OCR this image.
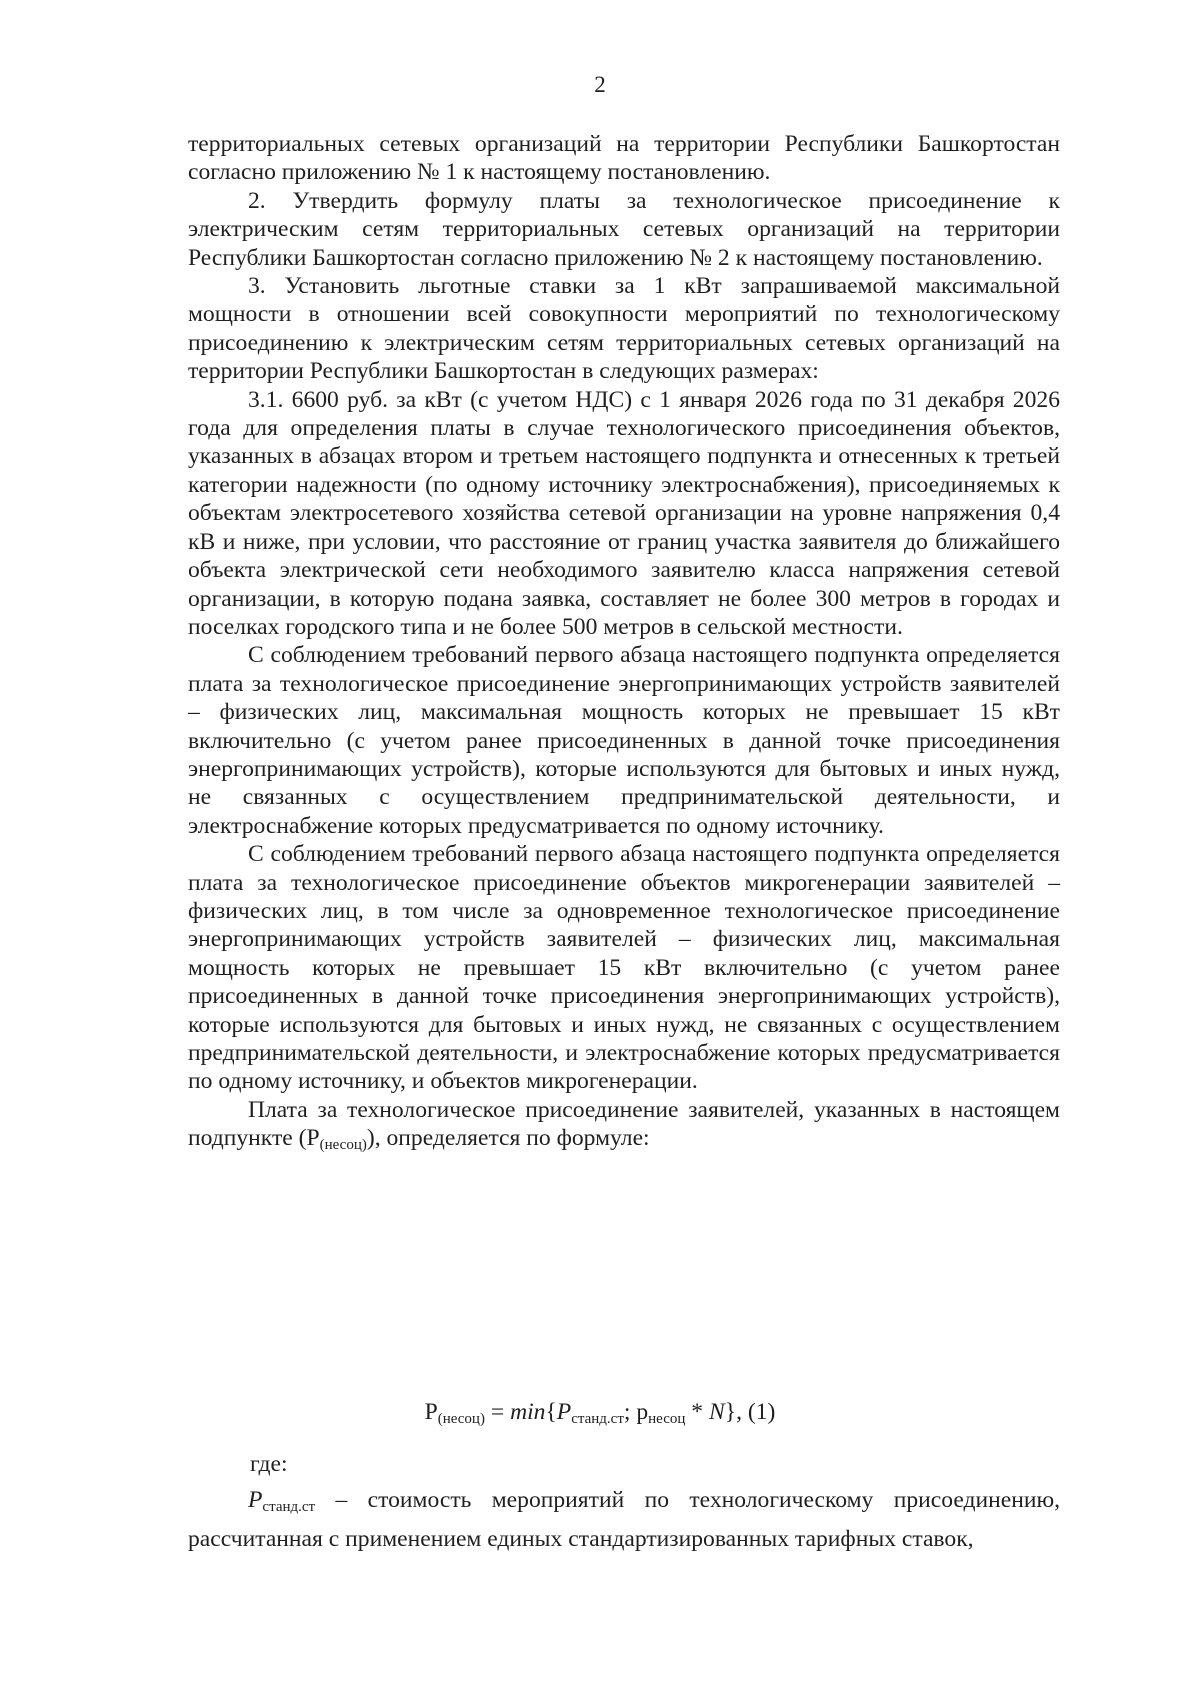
2

территориальных сетевых организаций на территории Республики Башкортостан согласно приложению № 1 к настоящему постановлению.

2. Утвердить формулу платы за технологическое присоединение к электрическим сетям территориальных сетевых организаций на территории Республики Башкортостан согласно приложению № 2 к настоящему постановлению.

3. Установить льготные ставки за 1 кВт запрашиваемой максимальной мощности в отношении всей совокупности мероприятий по технологическому присоединению к электрическим сетям территориальных сетевых организаций на территории Республики Башкортостан в следующих размерах:

3.1. 6600 руб. за кВт (с учетом НДС) с 1 января 2026 года по 31 декабря 2026 года для определения платы в случае технологического присоединения объектов, указанных в абзацах втором и третьем настоящего подпункта и отнесенных к третьей категории надежности (по одному источнику электроснабжения), присоединяемых к объектам электросетевого хозяйства сетевой организации на уровне напряжения 0,4 кВ и ниже, при условии, что расстояние от границ участка заявителя до ближайшего объекта электрической сети необходимого заявителю класса напряжения сетевой организации, в которую подана заявка, составляет не более 300 метров в городах и поселках городского типа и не более 500 метров в сельской местности.

С соблюдением требований первого абзаца настоящего подпункта определяется плата за технологическое присоединение энергопринимающих устройств заявителей – физических лиц, максимальная мощность которых не превышает 15 кВт включительно (с учетом ранее присоединенных в данной точке присоединения энергопринимающих устройств), которые используются для бытовых и иных нужд, не связанных с осуществлением предпринимательской деятельности, и электроснабжение которых предусматривается по одному источнику.

С соблюдением требований первого абзаца настоящего подпункта определяется плата за технологическое присоединение объектов микрогенерации заявителей – физических лиц, в том числе за одновременное технологическое присоединение энергопринимающих устройств заявителей – физических лиц, максимальная мощность которых не превышает 15 кВт включительно (с учетом ранее присоединенных в данной точке присоединения энергопринимающих устройств), которые используются для бытовых и иных нужд, не связанных с осуществлением предпринимательской деятельности, и электроснабжение которых предусматривается по одному источнику, и объектов микрогенерации.

Плата за технологическое присоединение заявителей, указанных в настоящем подпункте (Р(несоц)), определяется по формуле:

$Р_{(несоц)} = \min\{P_{станд.ст}$; $р_{несоц} * N$}, (1)
где:
$P_{станд.ст}$ – стоимость мероприятий по технологическому присоединению, рассчитанная с применением единых стандартизированных тарифных ставок,
